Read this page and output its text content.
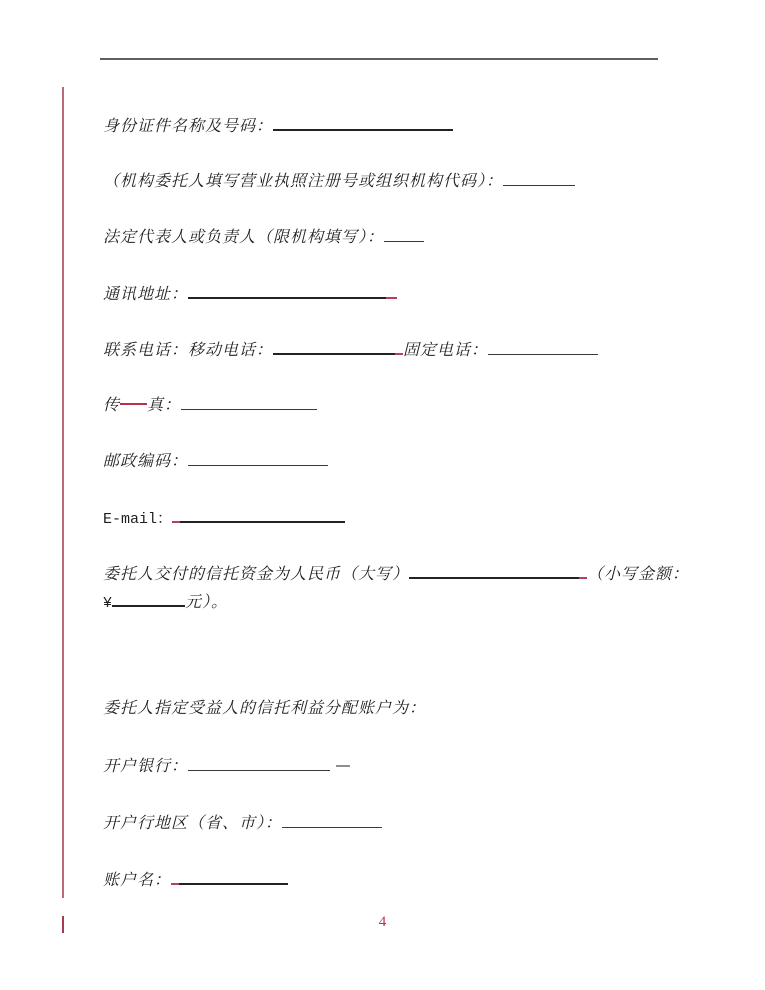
身份证件名称及号码：
（机构委托人填写营业执照注册号或组织机构代码）：
法定代表人或负责人（限机构填写）：
通讯地址：
联系电话：移动电话：	固定电话：
传 真：
邮政编码：
E-mail：
委托人交付的信托资金为人民币（大写）	（小写金额：
¥	元）。
委托人指定受益人的信托利益分配账户为：
开户银行：
开户行地区（省、市）：
账户名：
4
